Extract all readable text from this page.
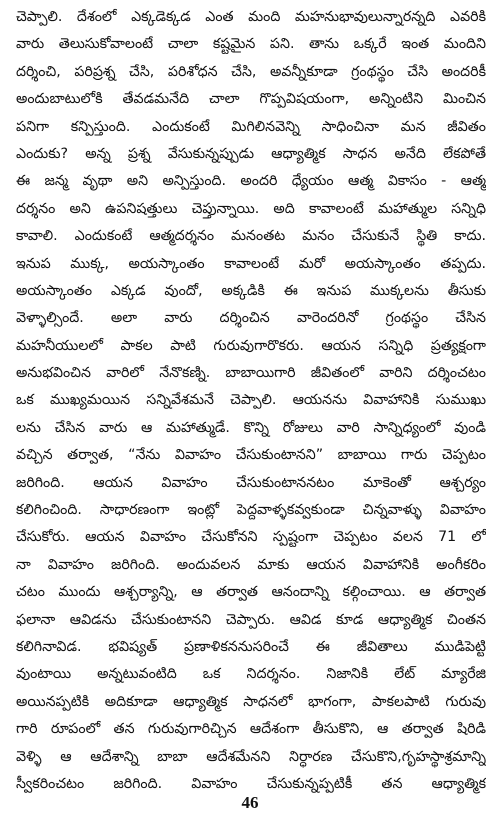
చెప్పాలి. దేశంలో ఎక్కడెక్కడ ఎంత మంది మహనుభావులున్నారన్నది ఎవరికి
వారు తెలుసుకోవాలంటే చాలా కష్టమైన పని. తాను ఒక్కరే ఇంత మందిని
దర్శించి, పరిప్రశ్న చేసి, పరిశోధన చేసి, అవన్నీకూడా గ్రంథస్థం చేసి అందరికీ
అందుబాటులోకి తేవడమనేది చాలా గొప్పవిషయంగా, అన్నింటిని మించిన
పనిగా కన్పిస్తుంది. ఎందుకంటే మిగిలినవెన్ని సాధించినా మన జీవితం
ఎందుకు? అన్న ప్రశ్న వేసుకున్నప్పుడు ఆధ్యాత్మిక సాధన అనేది లేకపోతే
ఈ జన్మ వృథా అని అన్పిస్తుంది. అందరి ధ్యేయం ఆత్మ వికాసం - ఆత్మ
దర్శనం అని ఉపనిషత్తులు చెప్తున్నాయి. అది కావాలంటే మహాత్ముల సన్నిధి
కావాలి. ఎందుకంటే ఆత్మదర్శనం మనంతట మనం చేసుకునే స్థితి కాదు.
ఇనుప ముక్క, అయస్కాంతం కావాలంటే మరో అయస్కాంతం తప్పదు.
అయస్కాంతం ఎక్కడ వుందో, అక్కడికి ఈ ఇనుప ముక్కలను తీసుకు
వెళ్ళాల్సిందే. అలా వారు దర్శించిన వారెందరినో గ్రంథస్థం చేసిన
మహనీయులలో పాకల పాటి గురువుగారొకరు. ఆయన సన్నిధి ప్రత్యక్షంగా
అనుభవించిన వారిలో నేనొకణ్ని. బాబాయిగారి జీవితంలో వారిని దర్శించటం
ఒక ముఖ్యమయిన సన్నివేశమనే చెప్పాలి. ఆయనను వివాహానికి సుముఖు
లను చేసిన వారు ఆ మహాత్ముడే. కొన్ని రోజులు వారి సాన్నిధ్యంలో వుండి
వచ్చిన తర్వాత, “నేను వివాహం చేసుకుంటానని” బాబాయి గారు చెప్పటం
జరిగింది. ఆయన వివాహం చేసుకుంటాననటం మాకెంతో ఆశ్చర్యం
కలిగించింది. సాధారణంగా ఇంట్లో పెద్దవాళ్ళకవ్వకుండా చిన్నవాళ్ళు వివాహం
చేసుకోరు. ఆయన వివాహం చేసుకోనని స్పష్టంగా చెప్పటం వలన 71 లో
నా వివాహం జరిగింది. అందువలన మాకు ఆయన వివాహానికి అంగీకరిం
చటం ముందు ఆశ్చర్యాన్ని, ఆ తర్వాత ఆనందాన్ని కల్గించాయి. ఆ తర్వాత
ఫలానా ఆవిడను చేసుకుంటానని చెప్పారు. ఆవిడ కూడ ఆధ్యాత్మిక చింతన
కలిగినావిడ. భవిష్యత్ ప్రణాళికననుసరించే ఈ జీవితాలు ముడిపెట్టి
వుంటాయి అన్నటువంటిది ఒక నిదర్శనం. నిజానికి లేట్ మ్యారేజి
అయినప్పటికి అదికూడా ఆధ్యాత్మిక సాధనలో భాగంగా, పాకలపాటి గురువు
గారి రూపంలో తన గురువుగారిచ్చిన ఆదేశంగా తీసుకొని, ఆ తర్వాత షిరిడి
వెళ్ళి ఆ ఆదేశాన్ని బాబా ఆదేశమేనని నిర్ధారణ చేసుకొని,గృహస్థాశ్రమాన్ని
స్వీకరించటం జరిగింది. వివాహం చేసుకున్నప్పటికీ తన ఆధ్యాత్మిక
46
